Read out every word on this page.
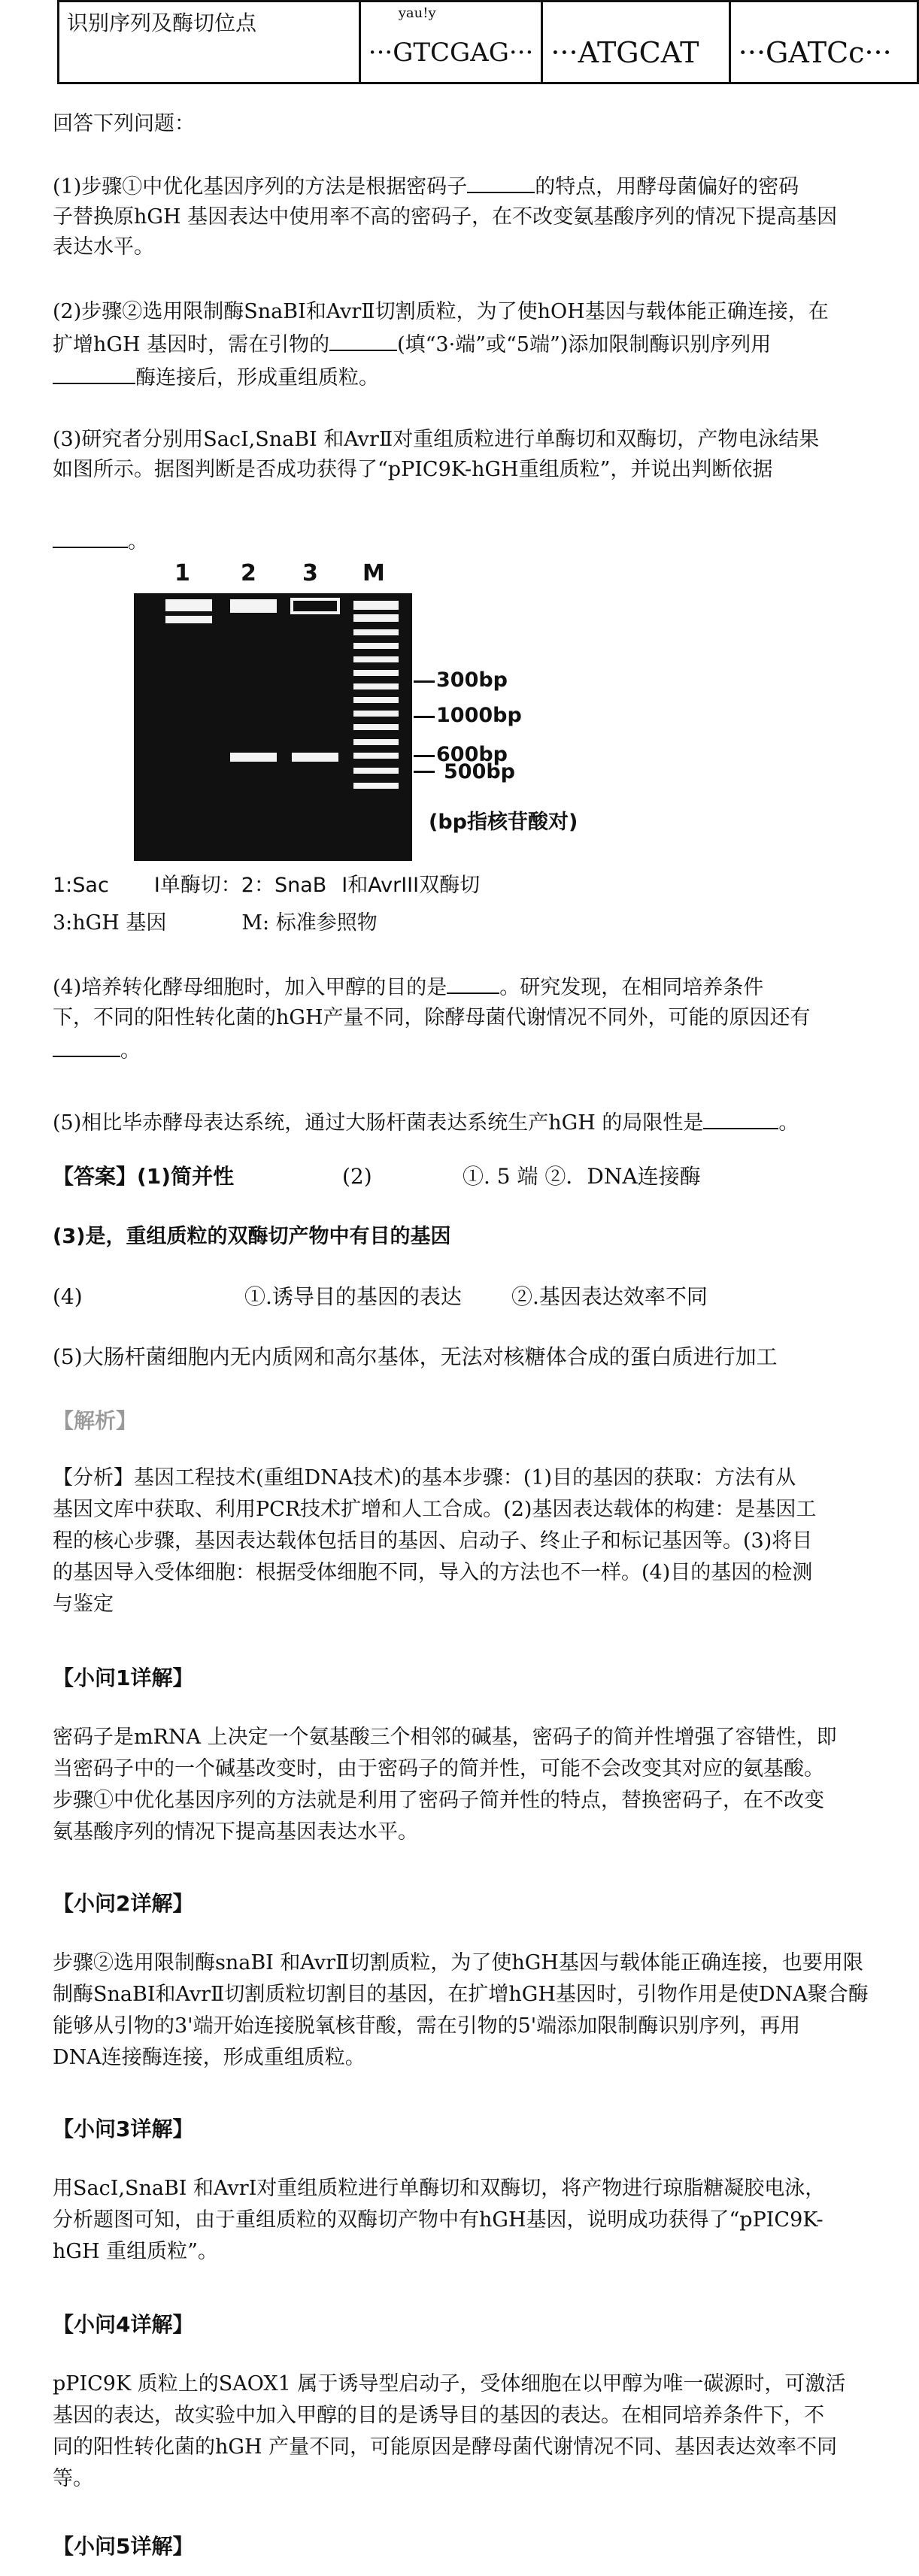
识别序列及酶切位点	yau!y
···GTCGAG···	···ATGCAT	···GATCc···
回答下列问题：
(1)步骤①中优化基因序列的方法是根据密码子	的特点，用酵母菌偏好的密码
子替换原hGH 基因表达中使用率不高的密码子，在不改变氨基酸序列的情况下提高基因
表达水平。
(2)步骤②选用限制酶SnaBI和AvrⅡ切割质粒，为了使hOH基因与载体能正确连接，在
扩增hGH 基因时，需在引物的	(填“3·端”或“5端”)添加限制酶识别序列用
酶连接后，形成重组质粒。
(3)研究者分别用SacI,SnaBI 和AvrⅡ对重组质粒进行单酶切和双酶切，产物电泳结果
如图所示。据图判断是否成功获得了“pPIC9K-hGH重组质粒”，并说出判断依据

。
1 2 3 M
300bp
1000bp
600bp
500bp
(bp指核苷酸对)
1:Sac I单酶切：2：SnaB I和AvrIII双酶切
3:hGH 基因	M: 标准参照物
(4)培养转化酵母细胞时，加入甲醇的目的是	。研究发现，在相同培养条件
下，不同的阳性转化菌的hGH产量不同，除酵母菌代谢情况不同外，可能的原因还有
。
(5)相比毕赤酵母表达系统，通过大肠杆菌表达系统生产hGH 的局限性是	。
【答案】(1)简并性	(2)	①. 5 端 ②．DNA连接酶
(3)是，重组质粒的双酶切产物中有目的基因
(4)	①.诱导目的基因的表达 ②.基因表达效率不同
(5)大肠杆菌细胞内无内质网和高尔基体，无法对核糖体合成的蛋白质进行加工
【解析】
【分析】基因工程技术(重组DNA技术)的基本步骤：(1)目的基因的获取：方法有从
基因文库中获取、利用PCR技术扩增和人工合成。(2)基因表达载体的构建：是基因工
程的核心步骤，基因表达载体包括目的基因、启动子、终止子和标记基因等。(3)将目
的基因导入受体细胞：根据受体细胞不同，导入的方法也不一样。(4)目的基因的检测
与鉴定
【小问1详解】
密码子是mRNA 上决定一个氨基酸三个相邻的碱基，密码子的简并性增强了容错性，即
当密码子中的一个碱基改变时，由于密码子的简并性，可能不会改变其对应的氨基酸。
步骤①中优化基因序列的方法就是利用了密码子简并性的特点，替换密码子，在不改变
氨基酸序列的情况下提高基因表达水平。
【小问2详解】
步骤②选用限制酶snaBI 和AvrⅡ切割质粒，为了使hGH基因与载体能正确连接，也要用限
制酶SnaBI和AvrⅡ切割质粒切割目的基因，在扩增hGH基因时，引物作用是使DNA聚合酶
能够从引物的3'端开始连接脱氧核苷酸，需在引物的5'端添加限制酶识别序列，再用
DNA连接酶连接，形成重组质粒。
【小问3详解】
用SacI,SnaBI 和AvrI对重组质粒进行单酶切和双酶切，将产物进行琼脂糖凝胶电泳，
分析题图可知，由于重组质粒的双酶切产物中有hGH基因，说明成功获得了“pPIC9K-
hGH 重组质粒”。
【小问4详解】
pPIC9K 质粒上的SAOX1 属于诱导型启动子，受体细胞在以甲醇为唯一碳源时，可激活
基因的表达，故实验中加入甲醇的目的是诱导目的基因的表达。在相同培养条件下，不
同的阳性转化菌的hGH 产量不同，可能原因是酵母菌代谢情况不同、基因表达效率不同
等。
【小问5详解】
